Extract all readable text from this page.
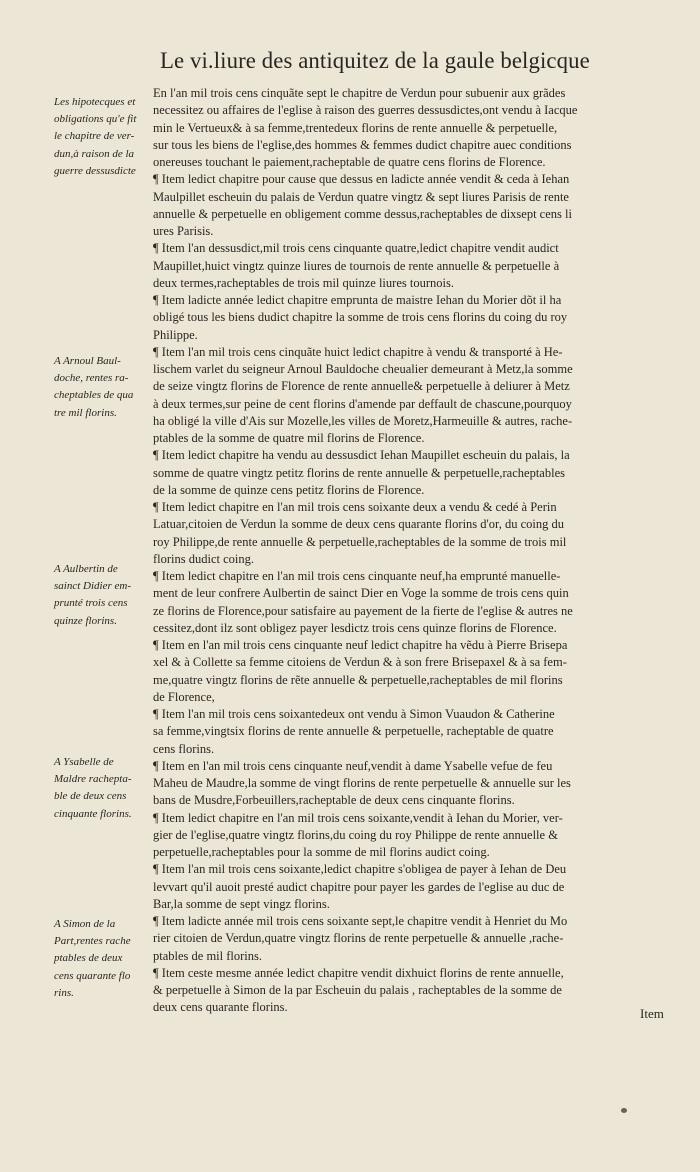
Le vi.liure des antiquitez de la gaule belgicque
Les hipotecques et
obligations qu'e fit
le chapitre de ver-
dun,à raison de la
guerre dessusdicte
A Arnoul Baul-
doche, rentes ra-
cheptables de qua
tre mil florins.
A Aulbertin de
sainct Didier em-
prunté trois cens
quinze florins.
A Ysabelle de
Maldre rachepta-
ble de deux cens
cinquante florins.
A Simon de la
Part,rentes rache
ptables de deux
cens quarante flo
rins.
En l'an mil trois cens cinquãte sept le chapitre de Verdun pour subuenir aux grãdes
necessitez ou affaires de l'eglise à raison des guerres dessusdictes,ont vendu à Iacque
min le Vertueux& à sa femme,trentedeux florins de rente annuelle & perpetuelle,
sur tous les biens de l'eglise,des hommes & femmes dudict chapitre auec conditions
onereuses touchant le paiement,racheptable de quatre cens florins de Florence.
¶ Item ledict chapitre pour cause que dessus en ladicte année vendit & ceda à Iehan
Maulpillet escheuin du palais de Verdun quatre vingtz & sept liures Parisis de rente
annuelle & perpetuelle en obligement comme dessus,racheptables de dixsept cens li
ures Parisis.
¶ Item l'an dessusdict,mil trois cens cinquante quatre,ledict chapitre vendit audict
Maupillet,huict vingtz quinze liures de tournois de rente annuelle & perpetuelle à
deux termes,racheptables de trois mil quinze liures tournois.
¶ Item ladicte année ledict chapitre emprunta de maistre Iehan du Morier dõt il ha
obligé tous les biens dudict chapitre la somme de trois cens florins du coing du roy
Philippe.
¶ Item l'an mil trois cens cinquãte huict ledict chapitre à vendu & transporté à He-
lischem varlet du seigneur Arnoul Bauldoche cheualier demeurant à Metz,la somme
de seize vingtz florins de Florence de rente annuelle& perpetuelle à deliurer à Metz
à deux termes,sur peine de cent florins d'amende par deffault de chascune,pourquoy
ha obligé la ville d'Ais sur Mozelle,les villes de Moretz,Harmeuille & autres, rache-
ptables de la somme de quatre mil florins de Florence.
¶ Item ledict chapitre ha vendu au dessusdict Iehan Maupillet escheuin du palais, la
somme de quatre vingtz petitz florins de rente annuelle & perpetuelle,racheptables
de la somme de quinze cens petitz florins de Florence.
¶ Item ledict chapitre en l'an mil trois cens soixante deux a vendu & cedé à Perin
Latuar,citoien de Verdun la somme de deux cens quarante florins d'or, du coing du
roy Philippe,de rente annuelle & perpetuelle,racheptables de la somme de trois mil
florins dudict coing.
¶ Item ledict chapitre en l'an mil trois cens cinquante neuf,ha emprunté manuelle-
ment de leur confrere Aulbertin de sainct Dier en Voge la somme de trois cens quin
ze florins de Florence,pour satisfaire au payement de la fierte de l'eglise & autres ne
cessitez,dont ilz sont obligez payer lesdictz trois cens quinze florins de Florence.
¶ Item en l'an mil trois cens cinquante neuf ledict chapitre ha vẽdu à Pierre Brisepa
xel & à Collette sa femme citoiens de Verdun & à son frere Brisepaxel & à sa fem-
me,quatre vingtz florins de rẽte annuelle & perpetuelle,racheptables de mil florins
de Florence,
¶ Item l'an mil trois cens soixantedeux ont vendu à Simon Vuaudon & Catherine
sa femme,vingtsix florins de rente annuelle & perpetuelle, racheptable de quatre
cens florins.
¶ Item en l'an mil trois cens cinquante neuf,vendit à dame Ysabelle vefue de feu
Maheu de Maudre,la somme de vingt florins de rente perpetuelle & annuelle sur les
bans de Musdre,Forbeuillers,racheptable de deux cens cinquante florins.
¶ Item ledict chapitre en l'an mil trois cens soixante,vendit à Iehan du Morier, ver-
gier de l'eglise,quatre vingtz florins,du coing du roy Philippe de rente annuelle &
perpetuelle,racheptables pour la somme de mil florins audict coing.
¶ Item l'an mil trois cens soixante,ledict chapitre s'obligea de payer à Iehan de Deu
levvart qu'il auoit presté audict chapitre pour payer les gardes de l'eglise au duc de
Bar,la somme de sept vingz florins.
¶ Item ladicte année mil trois cens soixante sept,le chapitre vendit à Henriet du Mo
rier citoien de Verdun,quatre vingtz florins de rente perpetuelle & annuelle ,rache-
ptables de mil florins.
¶ Item ceste mesme année ledict chapitre vendit dixhuict florins de rente annuelle,
& perpetuelle à Simon de la par Escheuin du palais , racheptables de la somme de
deux cens quarante florins.	Item
